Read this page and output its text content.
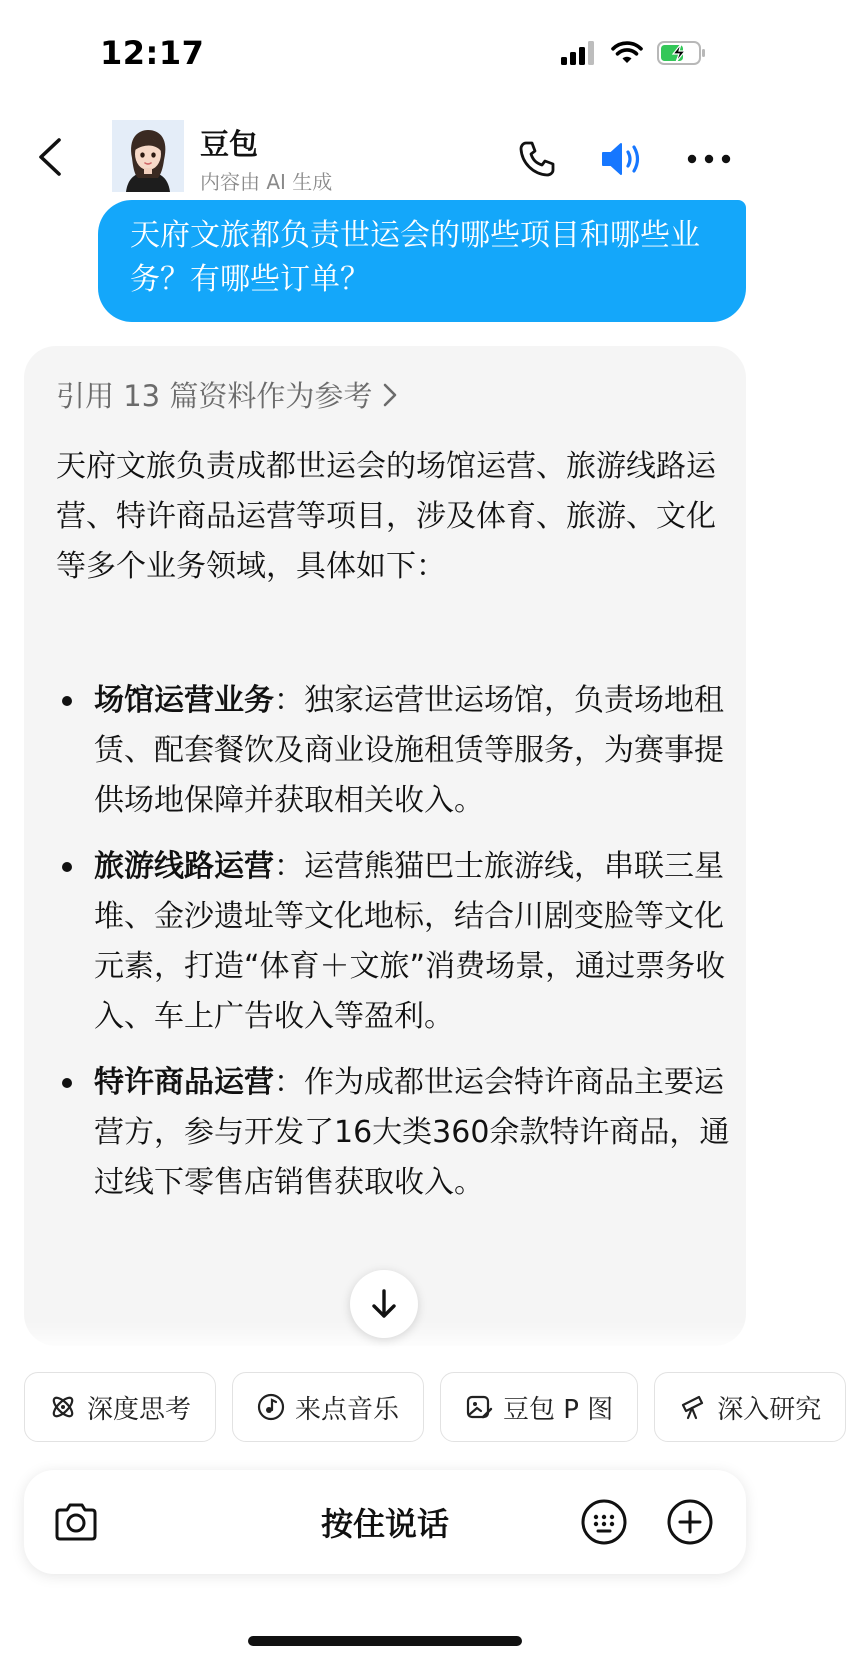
12:17
豆包
内容由 AI 生成
天府文旅都负责世运会的哪些项目和哪些业务？有哪些订单？
引用 13 篇资料作为参考

天府文旅负责成都世运会的场馆运营、旅游线路运营、特许商品运营等项目，涉及体育、旅游、文化等多个业务领域，具体如下：

场馆运营业务：独家运营世运场馆，负责场地租赁、配套餐饮及商业设施租赁等服务，为赛事提供场地保障并获取相关收入。
旅游线路运营：运营熊猫巴士旅游线，串联三星堆、金沙遗址等文化地标，结合川剧变脸等文化元素，打造“体育＋文旅”消费场景，通过票务收入、车上广告收入等盈利。
特许商品运营：作为成都世运会特许商品主要运营方，参与开发了16大类360余款特许商品，通过线下零售店销售获取收入。
深度思考	来点音乐	豆包 P 图	深入研究
按住说话
